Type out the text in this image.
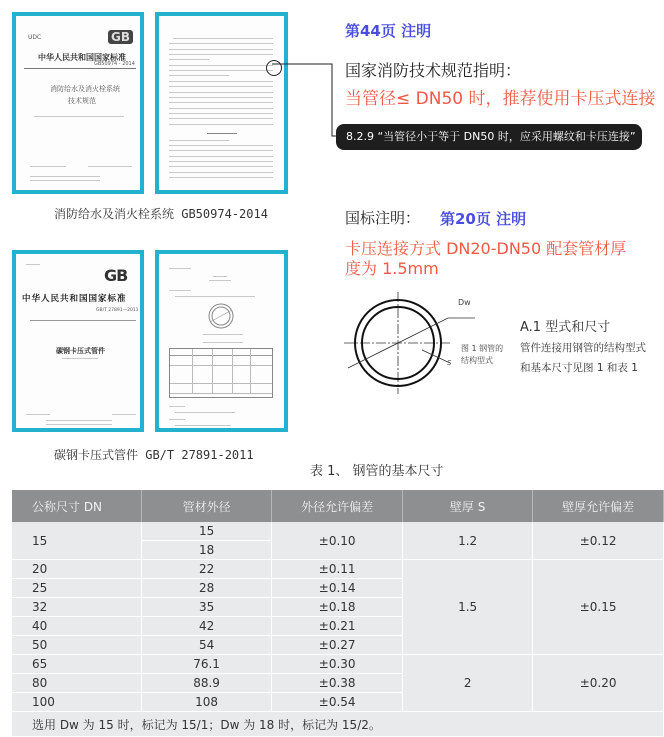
UDC	GB
中华人民共和国国家标准
GB50974 - 2014
消防给水及消火栓系统
技术规范
消防给水及消火栓系统 GB50974-2014
GB
中华人民共和国国家标准
GB/T 27891—2011
碳钢卡压式管件
碳钢卡压式管件 GB/T 27891-2011
第44页 注明
国家消防技术规范指明：
当管径≤ DN50 时，推荐使用卡压式连接
8.2.9 “当管径小于等于 DN50 时，应采用螺纹和卡压连接”
国标注明： 第20页 注明
卡压连接方式 DN20-DN50 配套管材厚
度为 1.5mm
Dw
S
图 1 钢管的
结构型式
A.1 型式和尺寸
管件连接用钢管的结构型式
和基本尺寸见图 1 和表 1
表 1、 钢管的基本尺寸
公称尺寸 DN	管材外径	外径允许偏差	壁厚 S	壁厚允许偏差
15	15	±0.10	1.2	±0.12
	18			
20	22	±0.11	1.5	±0.15
25	28	±0.14		
32	35	±0.18		
40	42	±0.21		
50	54	±0.27		
65	76.1	±0.30	2	±0.20
80	88.9	±0.38		
100	108	±0.54		
选用 Dw 为 15 时，标记为 15/1；Dw 为 18 时，标记为 15/2。				
